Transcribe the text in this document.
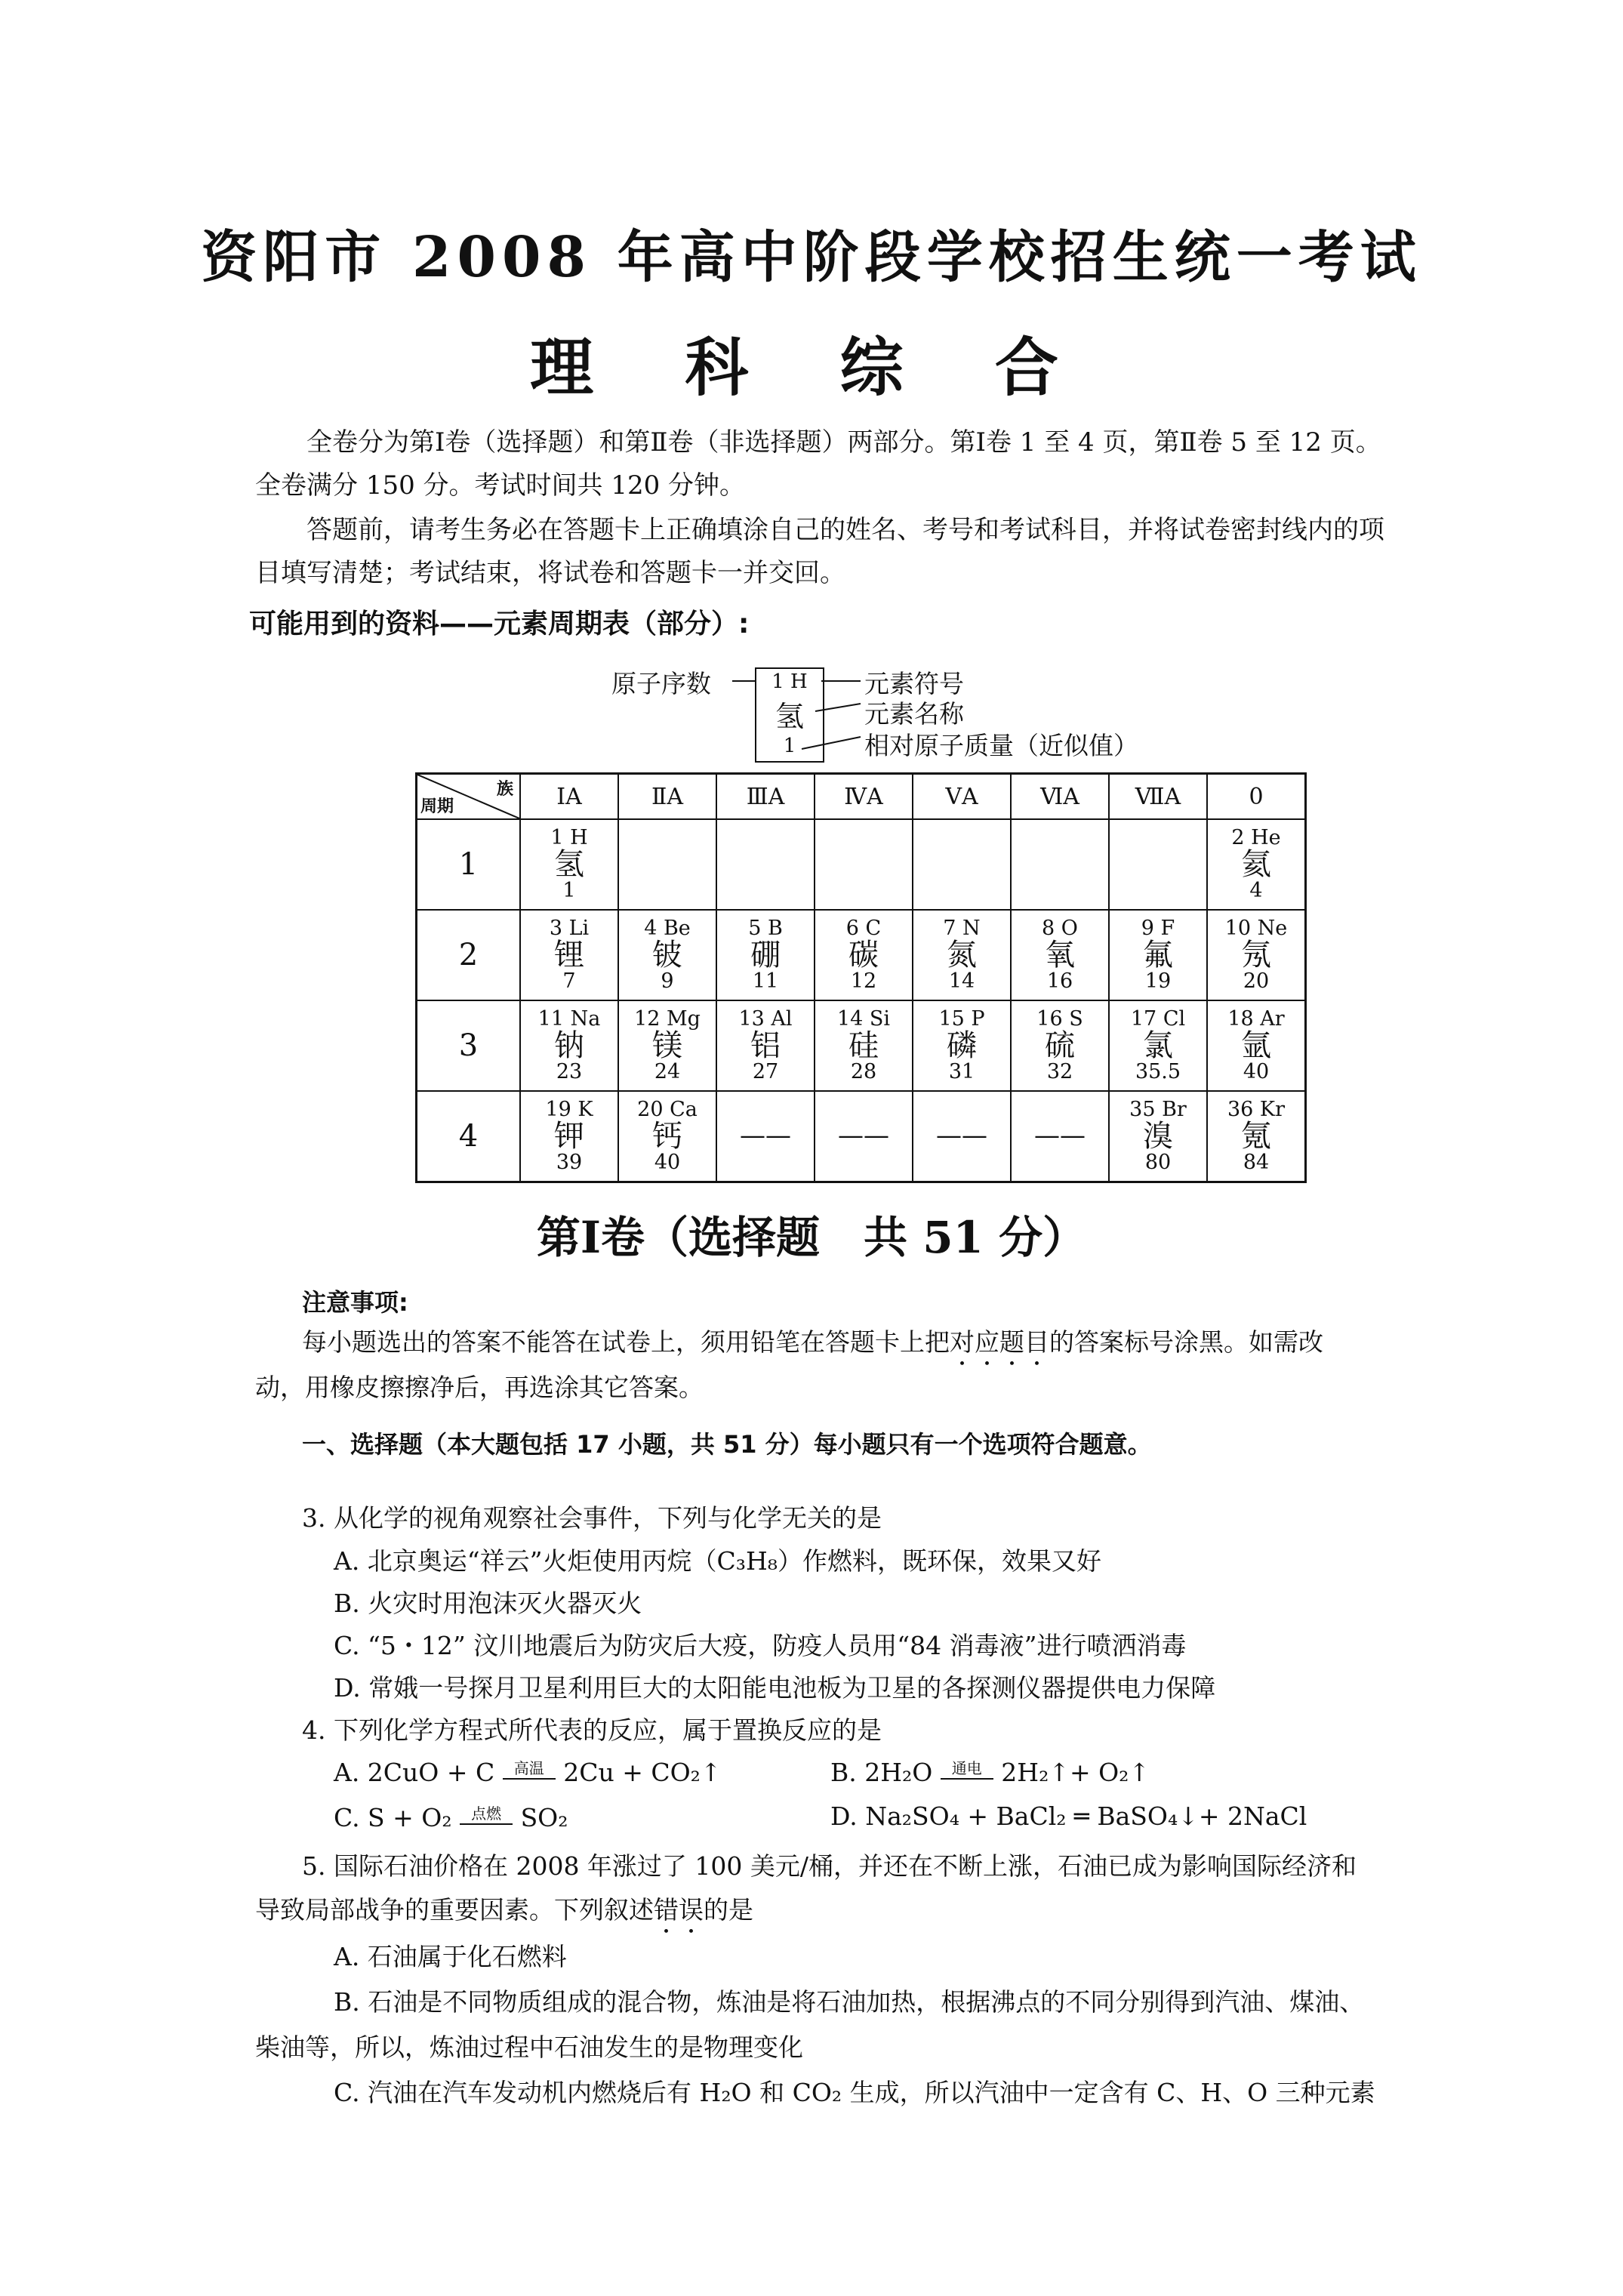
资阳市 2008 年高中阶段学校招生统一考试
理 科 综 合
全卷分为第Ⅰ卷（选择题）和第Ⅱ卷（非选择题）两部分。第Ⅰ卷 1 至 4 页，第Ⅱ卷 5 至 12 页。全卷满分 150 分。考试时间共 120 分钟。
答题前，请考生务必在答题卡上正确填涂自己的姓名、考号和考试科目，并将试卷密封线内的项目填写清楚；考试结束，将试卷和答题卡一并交回。
可能用到的资料——元素周期表（部分）:
原子序数	1 H
氢
1
元素符号
元素名称
相对原子质量（近似值）
族
周期	ⅠA	ⅡA	ⅢA	ⅣA	ⅤA	ⅥA	ⅦA	0
1	1 H
氢
1							2 He
氦
4

2	3 Li
锂
7	4 Be
铍
9	5 B
硼
11	6 C
碳
12	7 N
氮
14	8 O
氧
16	9 F
氟
19	10 Ne
氖
20

3	11 Na
钠
23	12 Mg
镁
24	13 Al
铝
27	14 Si
硅
28	15 P
磷
31	16 S
硫
32	17 Cl
氯
35.5	18 Ar
氩
40

4	19 K
钾
39	20 Ca
钙
40	——	——	——	——	35 Br
溴
80	36 Kr
氪
84
第Ⅰ卷（选择题　共 51 分）
注意事项:
每小题选出的答案不能答在试卷上，须用铅笔在答题卡上把对应题目的答案标号涂黑。如需改
动，用橡皮擦擦净后，再选涂其它答案。
一、选择题（本大题包括 17 小题，共 51 分）每小题只有一个选项符合题意。
3. 从化学的视角观察社会事件，下列与化学无关的是
A. 北京奥运“祥云”火炬使用丙烷（C₃H₈）作燃料，既环保，效果又好
B. 火灾时用泡沫灭火器灭火
C. “5・12” 汶川地震后为防灾后大疫，防疫人员用“84 消毒液”进行喷洒消毒
D. 常娥一号探月卫星利用巨大的太阳能电池板为卫星的各探测仪器提供电力保障
4. 下列化学方程式所代表的反应，属于置换反应的是
A. 2CuO + C 高温 2Cu + CO₂↑	B. 2H₂O 通电 2H₂↑+ O₂↑
C. S + O₂ 点燃 SO₂	D. Na₂SO₄ + BaCl₂ ═ BaSO₄↓+ 2NaCl
5. 国际石油价格在 2008 年涨过了 100 美元/桶，并还在不断上涨，石油已成为影响国际经济和
导致局部战争的重要因素。下列叙述错误的是
A. 石油属于化石燃料
B. 石油是不同物质组成的混合物，炼油是将石油加热，根据沸点的不同分别得到汽油、煤油、
柴油等，所以，炼油过程中石油发生的是物理变化
C. 汽油在汽车发动机内燃烧后有 H₂O 和 CO₂ 生成，所以汽油中一定含有 C、H、O 三种元素
